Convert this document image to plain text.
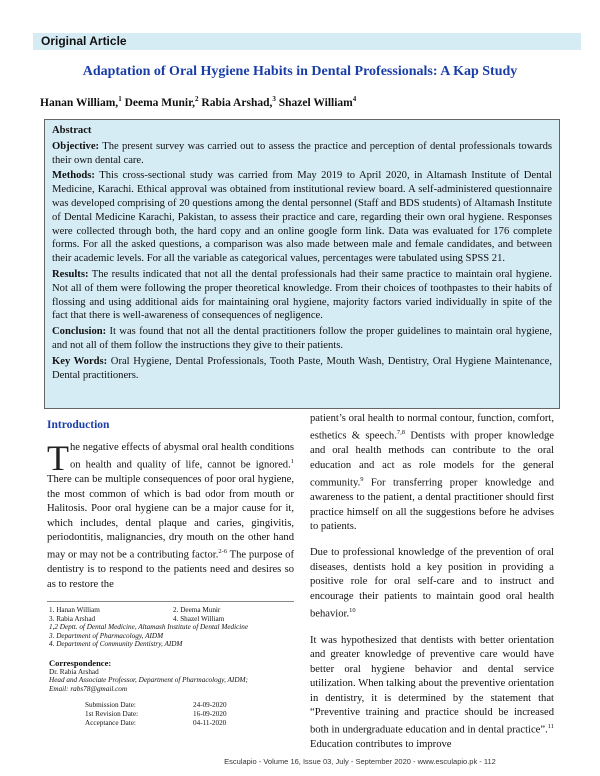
Original Article
Adaptation of Oral Hygiene Habits in Dental Professionals: A Kap Study
Hanan William,$^1$ Deema Munir,$^2$ Rabia Arshad,$^3$ Shazel William$^4$

Abstract

Objective: The present survey was carried out to assess the practice and perception of dental professionals towards their own dental care.

Methods: This cross-sectional study was carried from May 2019 to April 2020, in Altamash Institute of Dental Medicine, Karachi. Ethical approval was obtained from institutional review board. A self-administered questionnaire was developed comprising of 20 questions among the dental personnel (Staff and BDS students) of Altamash Institute of Dental Medicine Karachi, Pakistan, to assess their practice and care, regarding their own oral hygiene. Responses were collected through both, the hard copy and an online google form link. Data was evaluated for 176 complete forms. For all the asked questions, a comparison was also made between male and female candidates, and between their academic levels. For all the variable as categorical values, percentages were tabulated using SPSS 21.

Results: The results indicated that not all the dental professionals had their same practice to maintain oral hygiene. Not all of them were following the proper theoretical knowledge. From their choices of toothpastes to their habits of flossing and using additional aids for maintaining oral hygiene, majority factors varied individually in spite of the fact that there is well-awareness of consequences of negligence.

Conclusion: It was found that not all the dental practitioners follow the proper guidelines to maintain oral hygiene, and not all of them follow the instructions they give to their patients.

Key Words: Oral Hygiene, Dental Professionals, Tooth Paste, Mouth Wash, Dentistry, Oral Hygiene Maintenance, Dental practitioners.

Introduction
The negative effects of abysmal oral health conditions on health and quality of life, cannot be ignored.$^1$ There can be multiple consequences of poor oral hygiene, the most common of which is bad odor from mouth or Halitosis. Poor oral hygiene can be a major cause for it, which includes, dental plaque and caries, gingivitis, periodontitis, malignancies, dry mouth on the other hand may or may not be a contributing factor.$^{2-6}$ The purpose of dentistry is to respond to the patients need and desires so as to restore the
1. Hanan William	2. Deema Munir
3. Rabia Arshad	4. Shazel William
1,2 Deptt. of Dental Medicine, Altamash Institute of Dental Medicine
3. Department of Pharmacology, AIDM
4. Department of Community Dentistry, AIDM
Correspondence:
Dr. Rabia Arshad
Head and Associate Professor, Department of Pharmacology, AIDM;
Email: rabs78@gmail.com
Submission Date:	24-09-2020
1st Revision Date:	16-09-2020
Acceptance Date:	04-11-2020

patient’s oral health to normal contour, function, comfort, esthetics & speech.$^{7,8}$ Dentists with proper knowledge and oral health methods can contribute to the oral education and act as role models for the general community.$^9$ For transferring proper knowledge and awareness to the patient, a dental practitioner should first practice himself on all the suggestions before he advises to patients.

Due to professional knowledge of the prevention of oral diseases, dentists hold a key position in providing a positive role for oral self-care and to instruct and encourage their patients to maintain good oral health behavior.$^{10}$

It was hypothesized that dentists with better orientation and greater knowledge of preventive care would have better oral hygiene behavior and dental service utilization. When talking about the preventive orientation in dentistry, it is determined by the statement that “Preventive training and practice should be increased both in undergraduate education and in dental practice”.$^{11}$ Education contributes to improve

Esculapio - Volume 16, Issue 03, July - September 2020 - www.esculapio.pk - 112
